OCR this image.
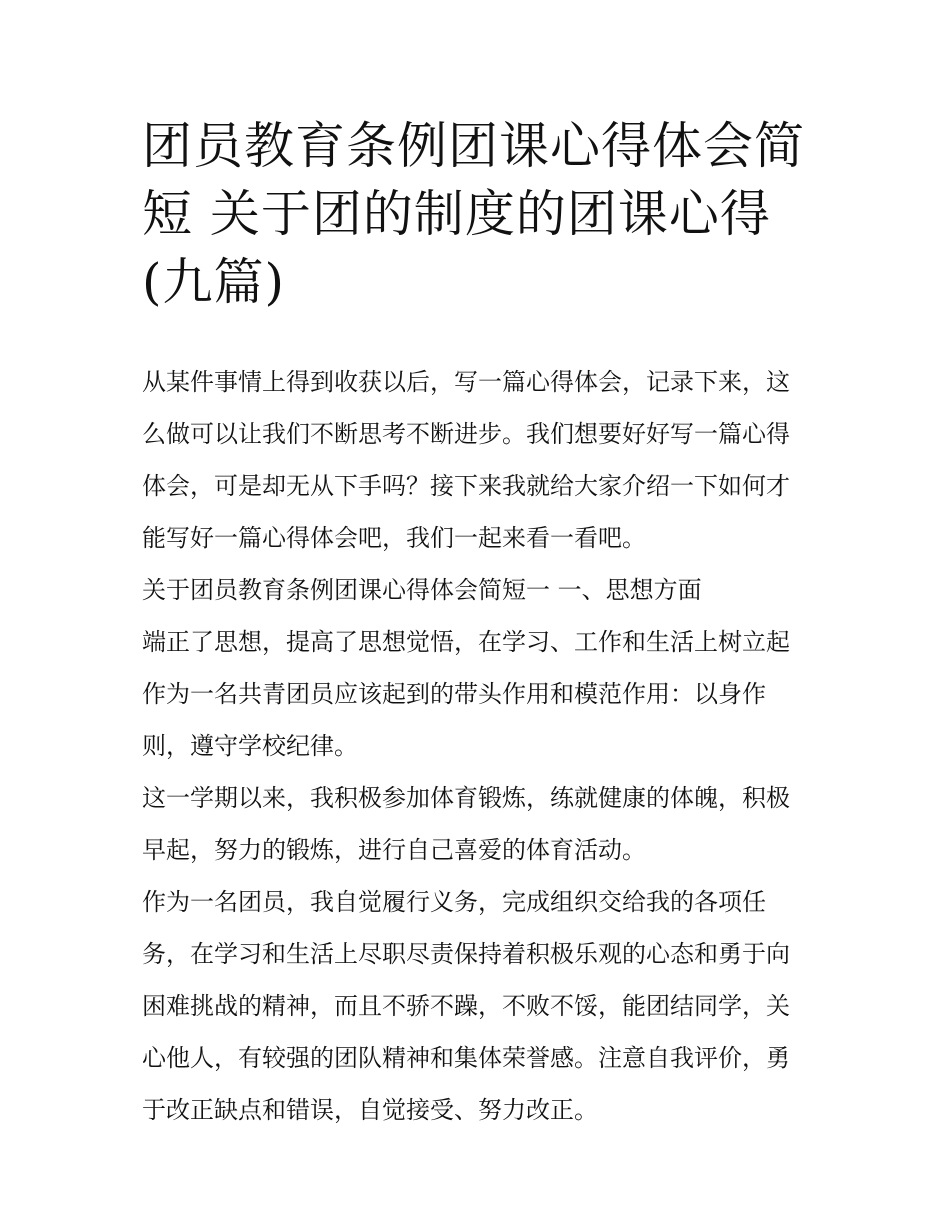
团员教育条例团课心得体会简
短 关于团的制度的团课心得
(九篇)

从某件事情上得到收获以后，写一篇心得体会，记录下来，这
么做可以让我们不断思考不断进步。我们想要好好写一篇心得
体会，可是却无从下手吗？接下来我就给大家介绍一下如何才
能写好一篇心得体会吧，我们一起来看一看吧。

关于团员教育条例团课心得体会简短一 一、思想方面

端正了思想，提高了思想觉悟，在学习、工作和生活上树立起
作为一名共青团员应该起到的带头作用和模范作用：以身作
则，遵守学校纪律。

这一学期以来，我积极参加体育锻炼，练就健康的体魄，积极
早起，努力的锻炼，进行自己喜爱的体育活动。

作为一名团员，我自觉履行义务，完成组织交给我的各项任
务，在学习和生活上尽职尽责保持着积极乐观的心态和勇于向
困难挑战的精神，而且不骄不躁，不败不馁，能团结同学，关
心他人，有较强的团队精神和集体荣誉感。注意自我评价，勇
于改正缺点和错误，自觉接受、努力改正。
